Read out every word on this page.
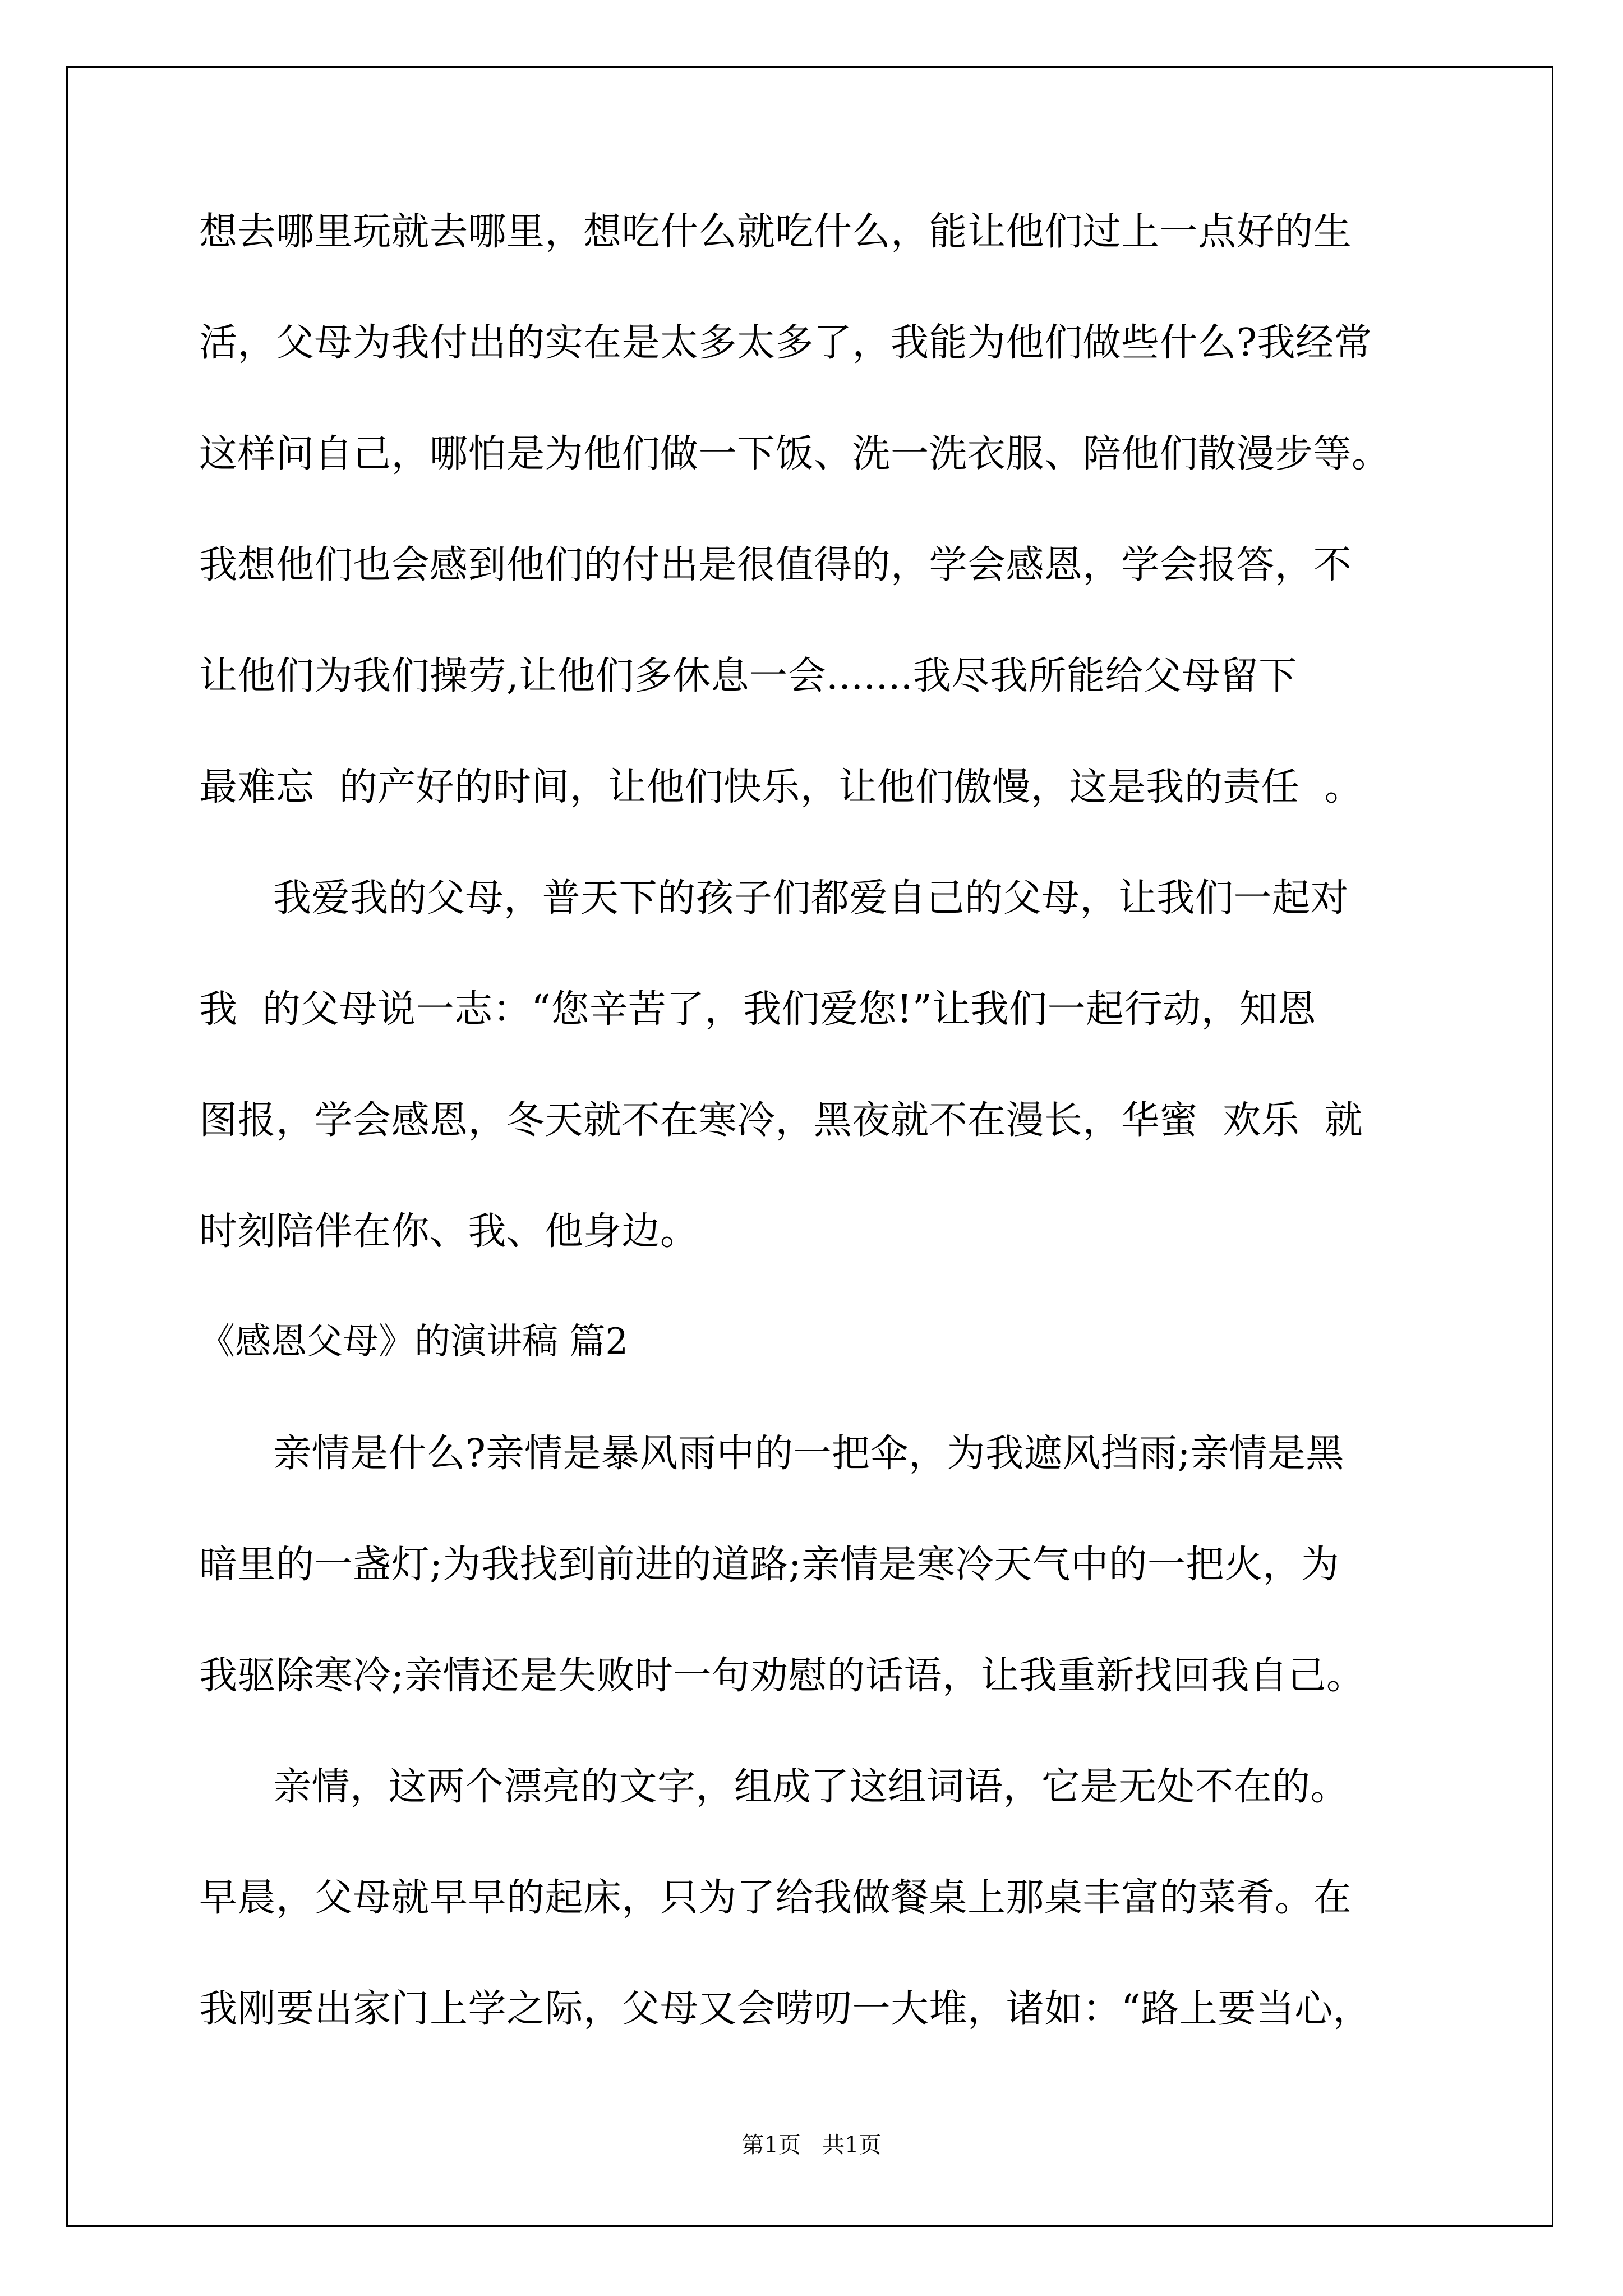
想去哪里玩就去哪里，想吃什么就吃什么，能让他们过上一点好的生
活，父母为我付出的实在是太多太多了，我能为他们做些什么?我经常
这样问自己，哪怕是为他们做一下饭、洗一洗衣服、陪他们散漫步等。
我想他们也会感到他们的付出是很值得的，学会感恩，学会报答，不
让他们为我们操劳,让他们多休息一会.......我尽我所能给父母留下
最难忘  的产好的时间，让他们快乐，让他们傲慢，这是我的责任  。
我爱我的父母，普天下的孩子们都爱自己的父母，让我们一起对
我  的父母说一志：“您辛苦了，我们爱您!”让我们一起行动，知恩
图报，学会感恩，冬天就不在寒冷，黑夜就不在漫长，华蜜  欢乐  就
时刻陪伴在你、我、他身边。
《感恩父母》的演讲稿 篇2
亲情是什么?亲情是暴风雨中的一把伞，为我遮风挡雨;亲情是黑
暗里的一盏灯;为我找到前进的道路;亲情是寒冷天气中的一把火，为
我驱除寒冷;亲情还是失败时一句劝慰的话语，让我重新找回我自己。
亲情，这两个漂亮的文字，组成了这组词语，它是无处不在的。
早晨，父母就早早的起床，只为了给我做餐桌上那桌丰富的菜肴。在
我刚要出家门上学之际，父母又会唠叨一大堆，诸如：“路上要当心，
第1页   共1页
